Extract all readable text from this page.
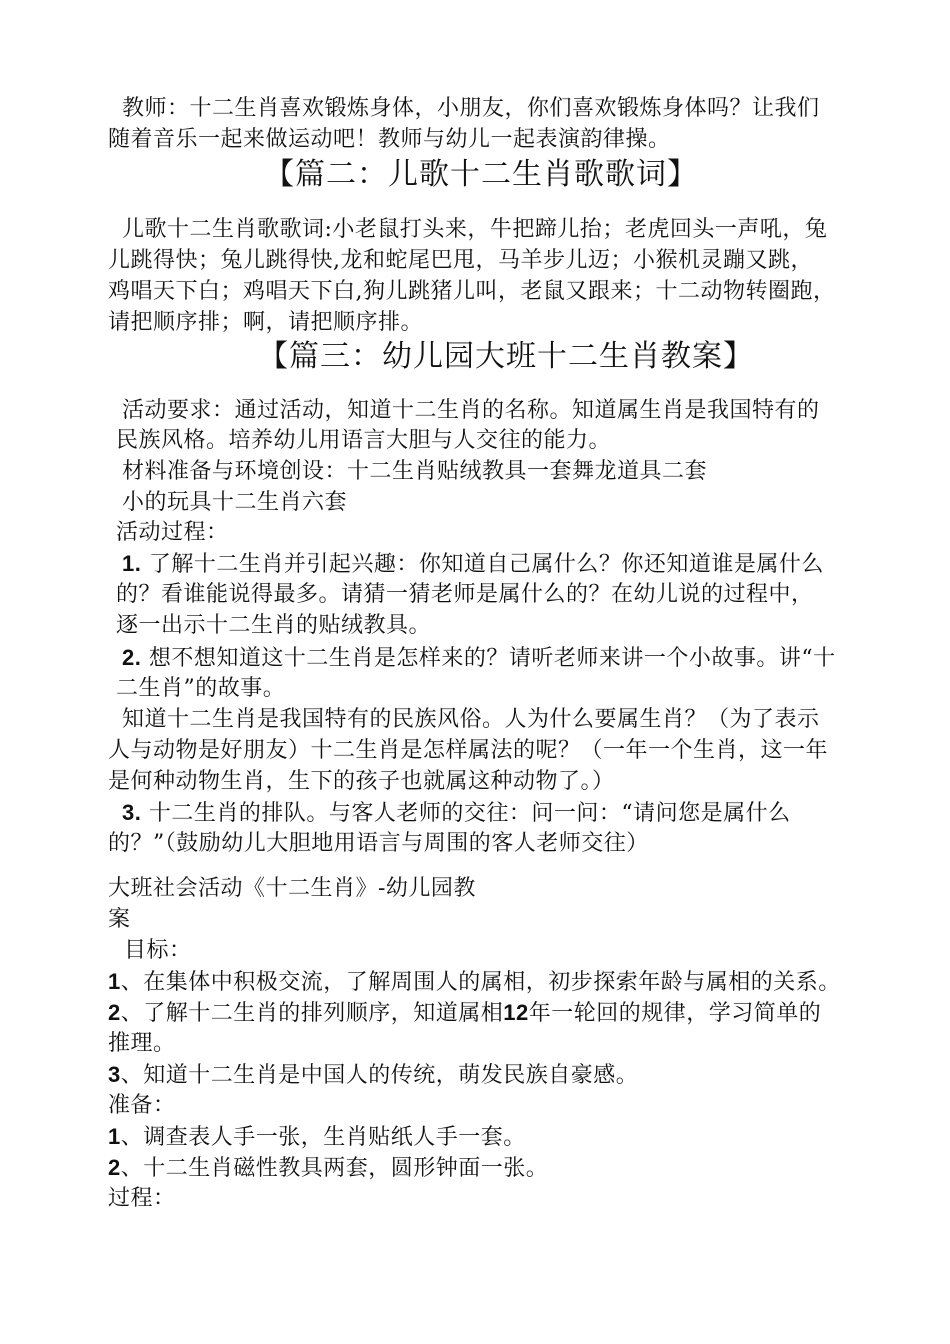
教师：十二生肖喜欢锻炼身体，小朋友，你们喜欢锻炼身体吗？让我们
随着音乐一起来做运动吧！教师与幼儿一起表演韵律操。
【篇二：儿歌十二生肖歌歌词】
儿歌十二生肖歌歌词:小老鼠打头来，牛把蹄儿抬；老虎回头一声吼，兔
儿跳得快；兔儿跳得快,龙和蛇尾巴甩，马羊步儿迈；小猴机灵蹦又跳，
鸡唱天下白；鸡唱天下白,狗儿跳猪儿叫，老鼠又跟来；十二动物转圈跑，
请把顺序排；啊，请把顺序排。
【篇三：幼儿园大班十二生肖教案】
活动要求：通过活动，知道十二生肖的名称。知道属生肖是我国特有的
民族风格。培养幼儿用语言大胆与人交往的能力。
材料准备与环境创设：十二生肖贴绒教具一套舞龙道具二套
小的玩具十二生肖六套
活动过程：
1. 了解十二生肖并引起兴趣：你知道自己属什么？你还知道谁是属什么
的？看谁能说得最多。请猜一猜老师是属什么的？在幼儿说的过程中，
逐一出示十二生肖的贴绒教具。
2. 想不想知道这十二生肖是怎样来的？请听老师来讲一个小故事。讲“十
二生肖”的故事。
知道十二生肖是我国特有的民族风俗。人为什么要属生肖？（为了表示
人与动物是好朋友）十二生肖是怎样属法的呢？（一年一个生肖，这一年
是何种动物生肖，生下的孩子也就属这种动物了。）
3. 十二生肖的排队。与客人老师的交往：问一问：“请问您是属什么
的？”（鼓励幼儿大胆地用语言与周围的客人老师交往）
大班社会活动《十二生肖》-幼儿园教
案
目标：
1、在集体中积极交流，了解周围人的属相，初步探索年龄与属相的关系。
2、了解十二生肖的排列顺序，知道属相12年一轮回的规律，学习简单的
推理。
3、知道十二生肖是中国人的传统，萌发民族自豪感。
准备：
1、调查表人手一张，生肖贴纸人手一套。
2、十二生肖磁性教具两套，圆形钟面一张。
过程：
